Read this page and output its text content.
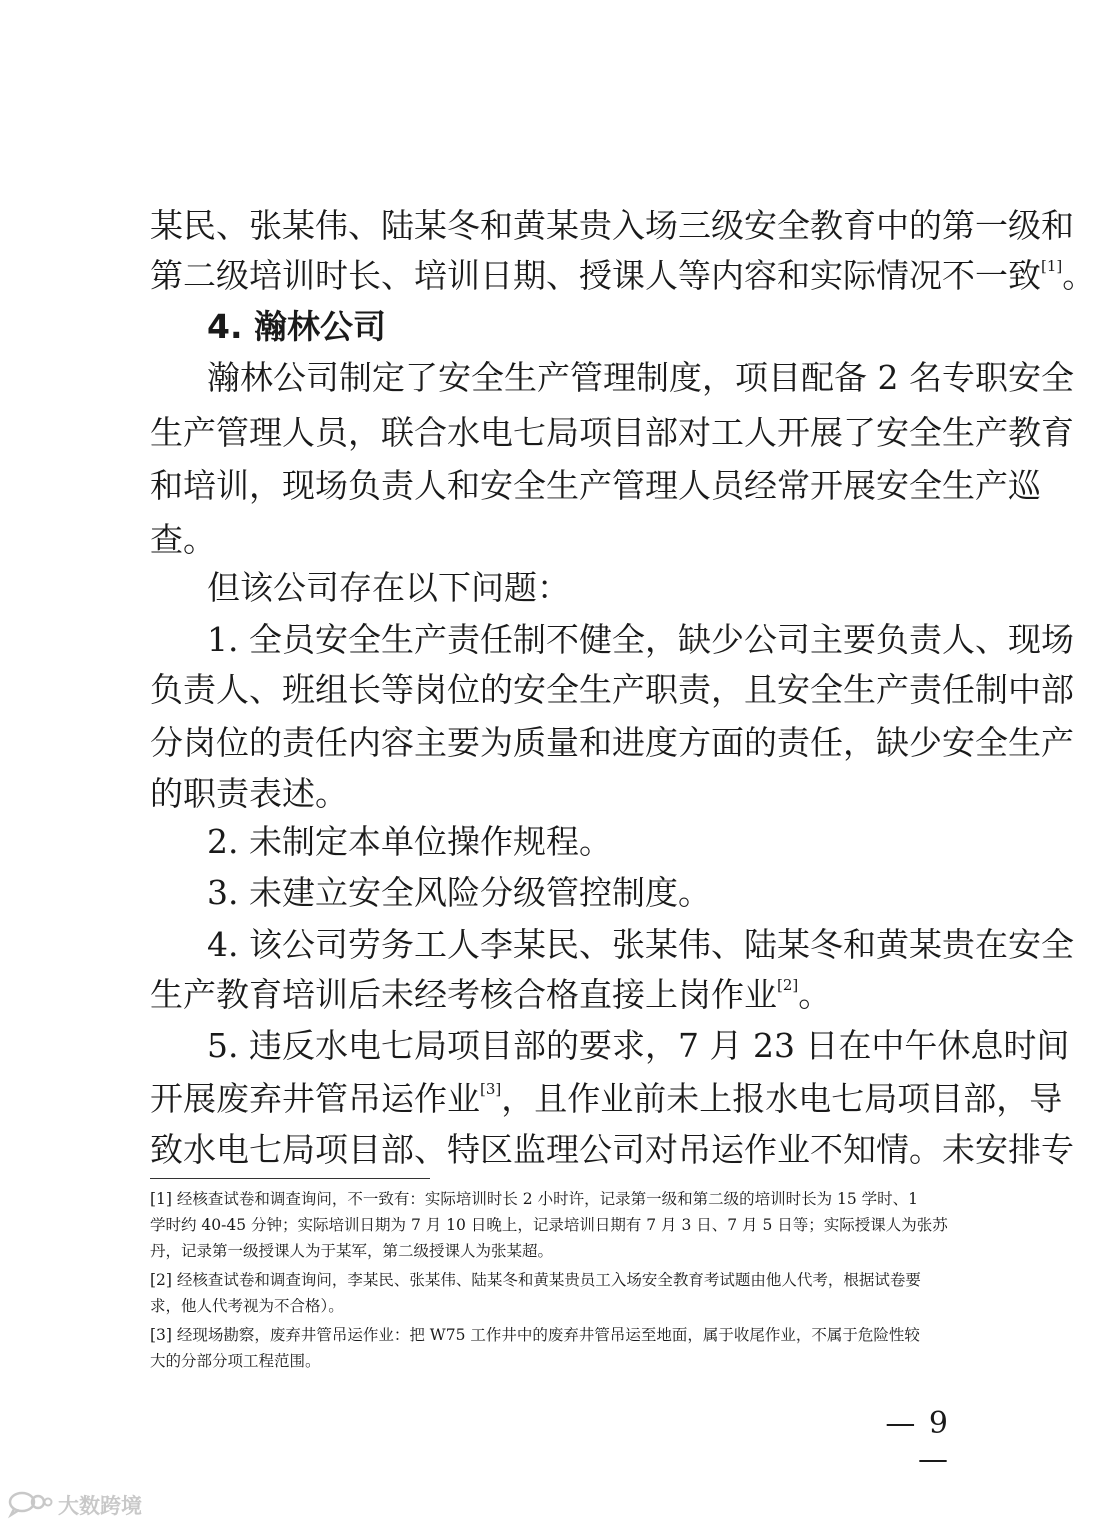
某民、张某伟、陆某冬和黄某贵入场三级安全教育中的第一级和
第二级培训时长、培训日期、授课人等内容和实际情况不一致[1]。
4. 瀚林公司
瀚林公司制定了安全生产管理制度，项目配备 2 名专职安全
生产管理人员，联合水电七局项目部对工人开展了安全生产教育
和培训，现场负责人和安全生产管理人员经常开展安全生产巡
查。
但该公司存在以下问题：
1. 全员安全生产责任制不健全，缺少公司主要负责人、现场
负责人、班组长等岗位的安全生产职责，且安全生产责任制中部
分岗位的责任内容主要为质量和进度方面的责任，缺少安全生产
的职责表述。
2. 未制定本单位操作规程。
3. 未建立安全风险分级管控制度。
4. 该公司劳务工人李某民、张某伟、陆某冬和黄某贵在安全
生产教育培训后未经考核合格直接上岗作业[2]。
5. 违反水电七局项目部的要求，7 月 23 日在中午休息时间
开展废弃井管吊运作业[3]，且作业前未上报水电七局项目部，导
致水电七局项目部、特区监理公司对吊运作业不知情。未安排专
[1] 经核查试卷和调查询问，不一致有：实际培训时长 2 小时许，记录第一级和第二级的培训时长为 15 学时、1
学时约 40-45 分钟；实际培训日期为 7 月 10 日晚上，记录培训日期有 7 月 3 日、7 月 5 日等；实际授课人为张苏
丹，记录第一级授课人为于某军，第二级授课人为张某超。
[2] 经核查试卷和调查询问，李某民、张某伟、陆某冬和黄某贵员工入场安全教育考试题由他人代考，根据试卷要
求，他人代考视为不合格）。
[3] 经现场勘察，废弃井管吊运作业：把 W75 工作井中的废弃井管吊运至地面，属于收尾作业，不属于危险性较
大的分部分项工程范围。
— 9 —
大数跨境
